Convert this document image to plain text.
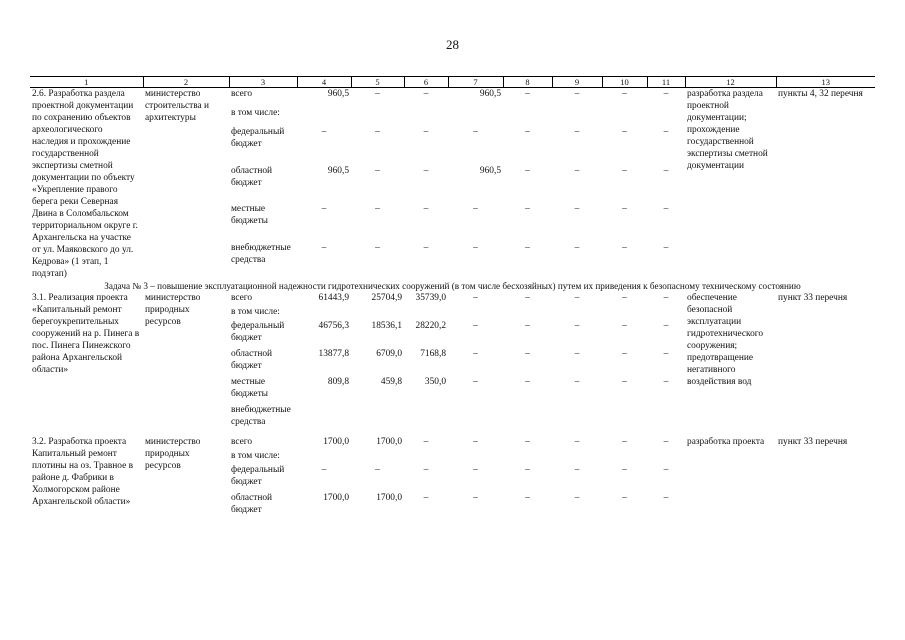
28
1	2	3	4	5	6	7	8	9	10	11	12	13
2.6. Разработка раздела проектной документации по сохранению объектов археологического наследия и прохождение государственной экспертизы сметной документации по объекту «Укрепление правого берега реки Северная Двина в Соломбальском территориальном округе г. Архангельска на участке от ул. Маяковского до ул. Кедрова» (1 этап, 1 подэтап)	министерство строительства и архитектуры	всего	960,5	–	–	960,5	–	–	–	–	разработка раздела проектной документации; прохождение государственной экспертизы сметной документации	пункты 4, 32 перечня
		в том числе:										
		федеральный бюджет	–	–	–	–	–	–	–	–		
		областной бюджет	960,5	–	–	960,5	–	–	–	–		
		местные бюджеты	–	–	–	–	–	–	–	–		
		внебюджетные средства	–	–	–	–	–	–	–	–		
Задача № 3 – повышение эксплуатационной надежности гидротехнических сооружений (в том числе бесхозяйных) путем их приведения к безопасному техническому состоянию												
3.1. Реализация проекта «Капитальный ремонт берегоукрепительных сооружений на р. Пинега в пос. Пинега Пинежского района Архангельской области»	министерство природных ресурсов	всего	61443,9	25704,9	35739,0	–	–	–	–	–	обеспечение безопасной эксплуатации гидротехнического сооружения; предотвращение негативного воздействия вод	пункт 33 перечня
		в том числе:										
		федеральный бюджет	46756,3	18536,1	28220,2	–	–	–	–	–		
		областной бюджет	13877,8	6709,0	7168,8	–	–	–	–	–		
		местные бюджеты	809,8	459,8	350,0	–	–	–	–	–		
		внебюджетные средства										

3.2. Разработка проекта Капитальный ремонт плотины на оз. Травное в районе д. Фабрики в Холмогорском районе Архангельской области»	министерство природных ресурсов	всего	1700,0	1700,0	–	–	–	–	–	–	разработка проекта	пункт 33 перечня
		в том числе:										
		федеральный бюджет	–	–	–	–	–	–	–	–		
		областной бюджет	1700,0	1700,0	–	–	–	–	–	–		
